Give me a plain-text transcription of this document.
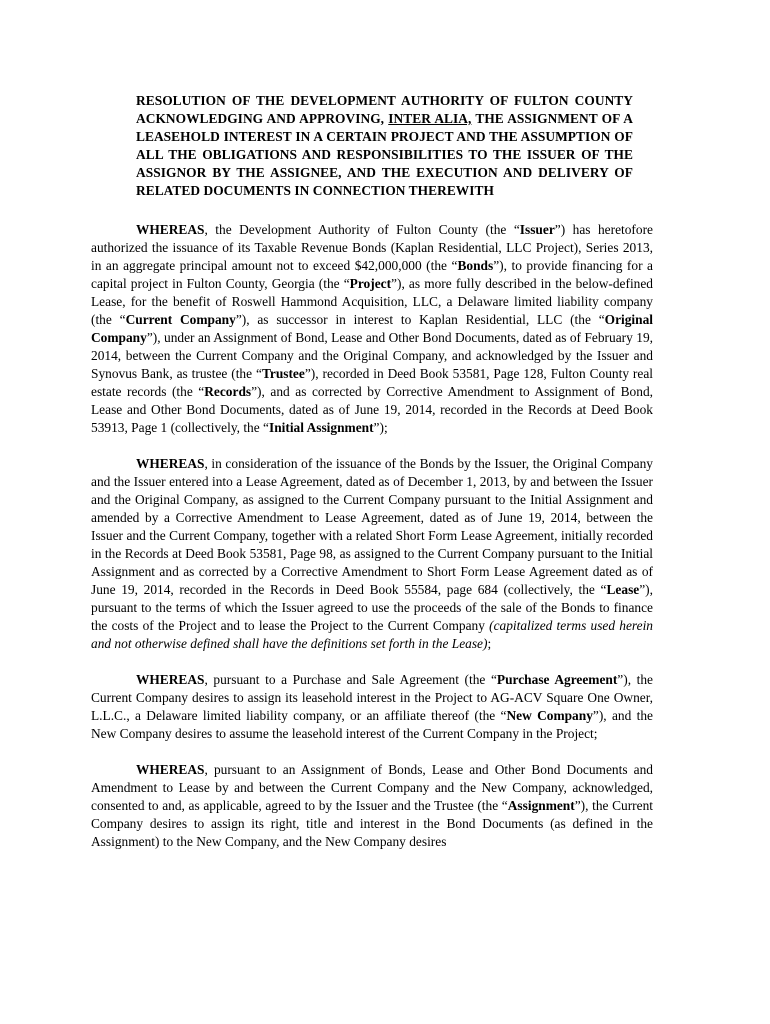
RESOLUTION OF THE DEVELOPMENT AUTHORITY OF FULTON COUNTY ACKNOWLEDGING AND APPROVING, INTER ALIA, THE ASSIGNMENT OF A LEASEHOLD INTEREST IN A CERTAIN PROJECT AND THE ASSUMPTION OF ALL THE OBLIGATIONS AND RESPONSIBILITIES TO THE ISSUER OF THE ASSIGNOR BY THE ASSIGNEE, AND THE EXECUTION AND DELIVERY OF RELATED DOCUMENTS IN CONNECTION THEREWITH

WHEREAS, the Development Authority of Fulton County (the “Issuer”) has heretofore authorized the issuance of its Taxable Revenue Bonds (Kaplan Residential, LLC Project), Series 2013, in an aggregate principal amount not to exceed $42,000,000 (the “Bonds”), to provide financing for a capital project in Fulton County, Georgia (the “Project”), as more fully described in the below-defined Lease, for the benefit of Roswell Hammond Acquisition, LLC, a Delaware limited liability company (the “Current Company”), as successor in interest to Kaplan Residential, LLC (the “Original Company”), under an Assignment of Bond, Lease and Other Bond Documents, dated as of February 19, 2014, between the Current Company and the Original Company, and acknowledged by the Issuer and Synovus Bank, as trustee (the “Trustee”), recorded in Deed Book 53581, Page 128, Fulton County real estate records (the “Records”), and as corrected by Corrective Amendment to Assignment of Bond, Lease and Other Bond Documents, dated as of June 19, 2014, recorded in the Records at Deed Book 53913, Page 1 (collectively, the “Initial Assignment”);

WHEREAS, in consideration of the issuance of the Bonds by the Issuer, the Original Company and the Issuer entered into a Lease Agreement, dated as of December 1, 2013, by and between the Issuer and the Original Company, as assigned to the Current Company pursuant to the Initial Assignment and amended by a Corrective Amendment to Lease Agreement, dated as of June 19, 2014, between the Issuer and the Current Company, together with a related Short Form Lease Agreement, initially recorded in the Records at Deed Book 53581, Page 98, as assigned to the Current Company pursuant to the Initial Assignment and as corrected by a Corrective Amendment to Short Form Lease Agreement dated as of June 19, 2014, recorded in the Records in Deed Book 55584, page 684 (collectively, the “Lease”), pursuant to the terms of which the Issuer agreed to use the proceeds of the sale of the Bonds to finance the costs of the Project and to lease the Project to the Current Company (capitalized terms used herein and not otherwise defined shall have the definitions set forth in the Lease);

WHEREAS, pursuant to a Purchase and Sale Agreement (the “Purchase Agreement”), the Current Company desires to assign its leasehold interest in the Project to AG-ACV Square One Owner, L.L.C., a Delaware limited liability company, or an affiliate thereof (the “New Company”), and the New Company desires to assume the leasehold interest of the Current Company in the Project;

WHEREAS, pursuant to an Assignment of Bonds, Lease and Other Bond Documents and Amendment to Lease by and between the Current Company and the New Company, acknowledged, consented to and, as applicable, agreed to by the Issuer and the Trustee (the “Assignment”), the Current Company desires to assign its right, title and interest in the Bond Documents (as defined in the Assignment) to the New Company, and the New Company desires
